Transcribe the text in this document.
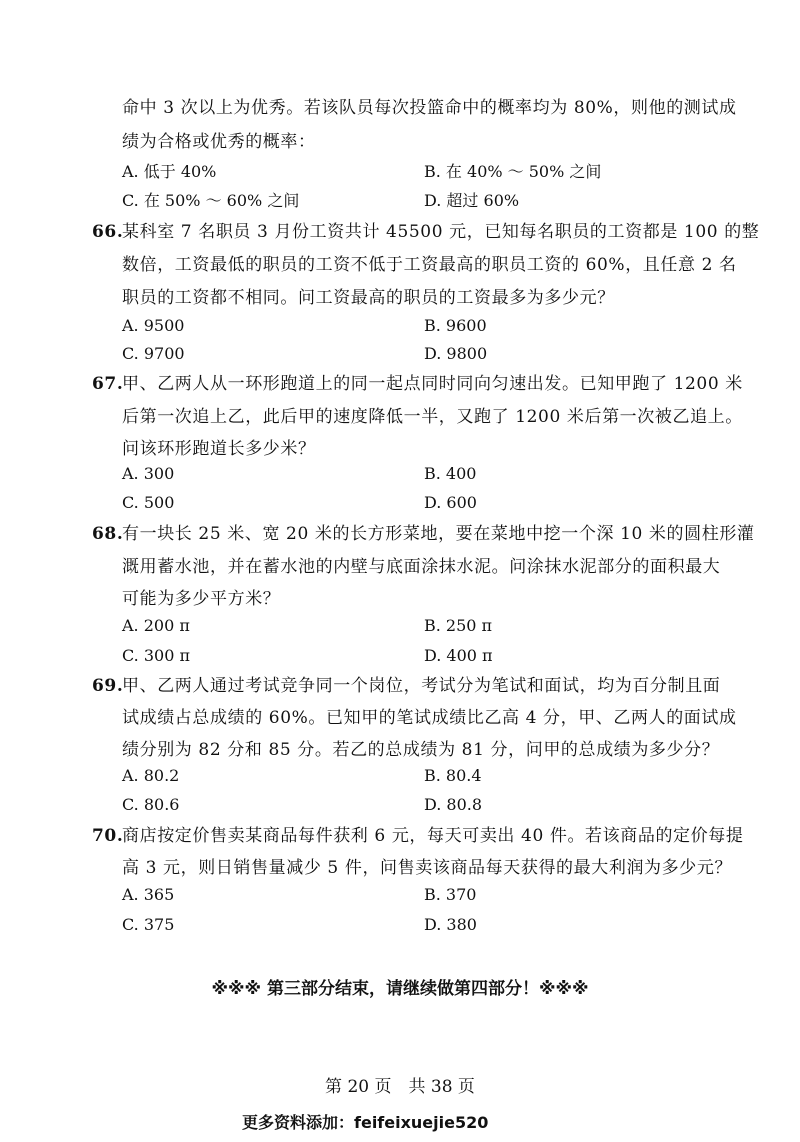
命中 3 次以上为优秀。若该队员每次投篮命中的概率均为 80%，则他的测试成
绩为合格或优秀的概率：
A. 低于 40%	B. 在 40% ～ 50% 之间
C. 在 50% ～ 60% 之间	D. 超过 60%
66.某科室 7 名职员 3 月份工资共计 45500 元，已知每名职员的工资都是 100 的整
数倍，工资最低的职员的工资不低于工资最高的职员工资的 60%，且任意 2 名
职员的工资都不相同。问工资最高的职员的工资最多为多少元？
A. 9500	B. 9600
C. 9700	D. 9800
67.甲、乙两人从一环形跑道上的同一起点同时同向匀速出发。已知甲跑了 1200 米
后第一次追上乙，此后甲的速度降低一半，又跑了 1200 米后第一次被乙追上。
问该环形跑道长多少米？
A. 300	B. 400
C. 500	D. 600
68.有一块长 25 米、宽 20 米的长方形菜地，要在菜地中挖一个深 10 米的圆柱形灌
溉用蓄水池，并在蓄水池的内壁与底面涂抹水泥。问涂抹水泥部分的面积最大
可能为多少平方米？
A. 200 π	B. 250 π
C. 300 π	D. 400 π
69.甲、乙两人通过考试竞争同一个岗位，考试分为笔试和面试，均为百分制且面
试成绩占总成绩的 60%。已知甲的笔试成绩比乙高 4 分，甲、乙两人的面试成
绩分别为 82 分和 85 分。若乙的总成绩为 81 分，问甲的总成绩为多少分？
A. 80.2	B. 80.4
C. 80.6	D. 80.8
70.商店按定价售卖某商品每件获利 6 元，每天可卖出 40 件。若该商品的定价每提
高 3 元，则日销售量减少 5 件，问售卖该商品每天获得的最大利润为多少元？
A. 365	B. 370
C. 375	D. 380
※※※ 第三部分结束，请继续做第四部分！※※※
第 20 页　共 38 页
更多资料添加：feifeixuejie520
